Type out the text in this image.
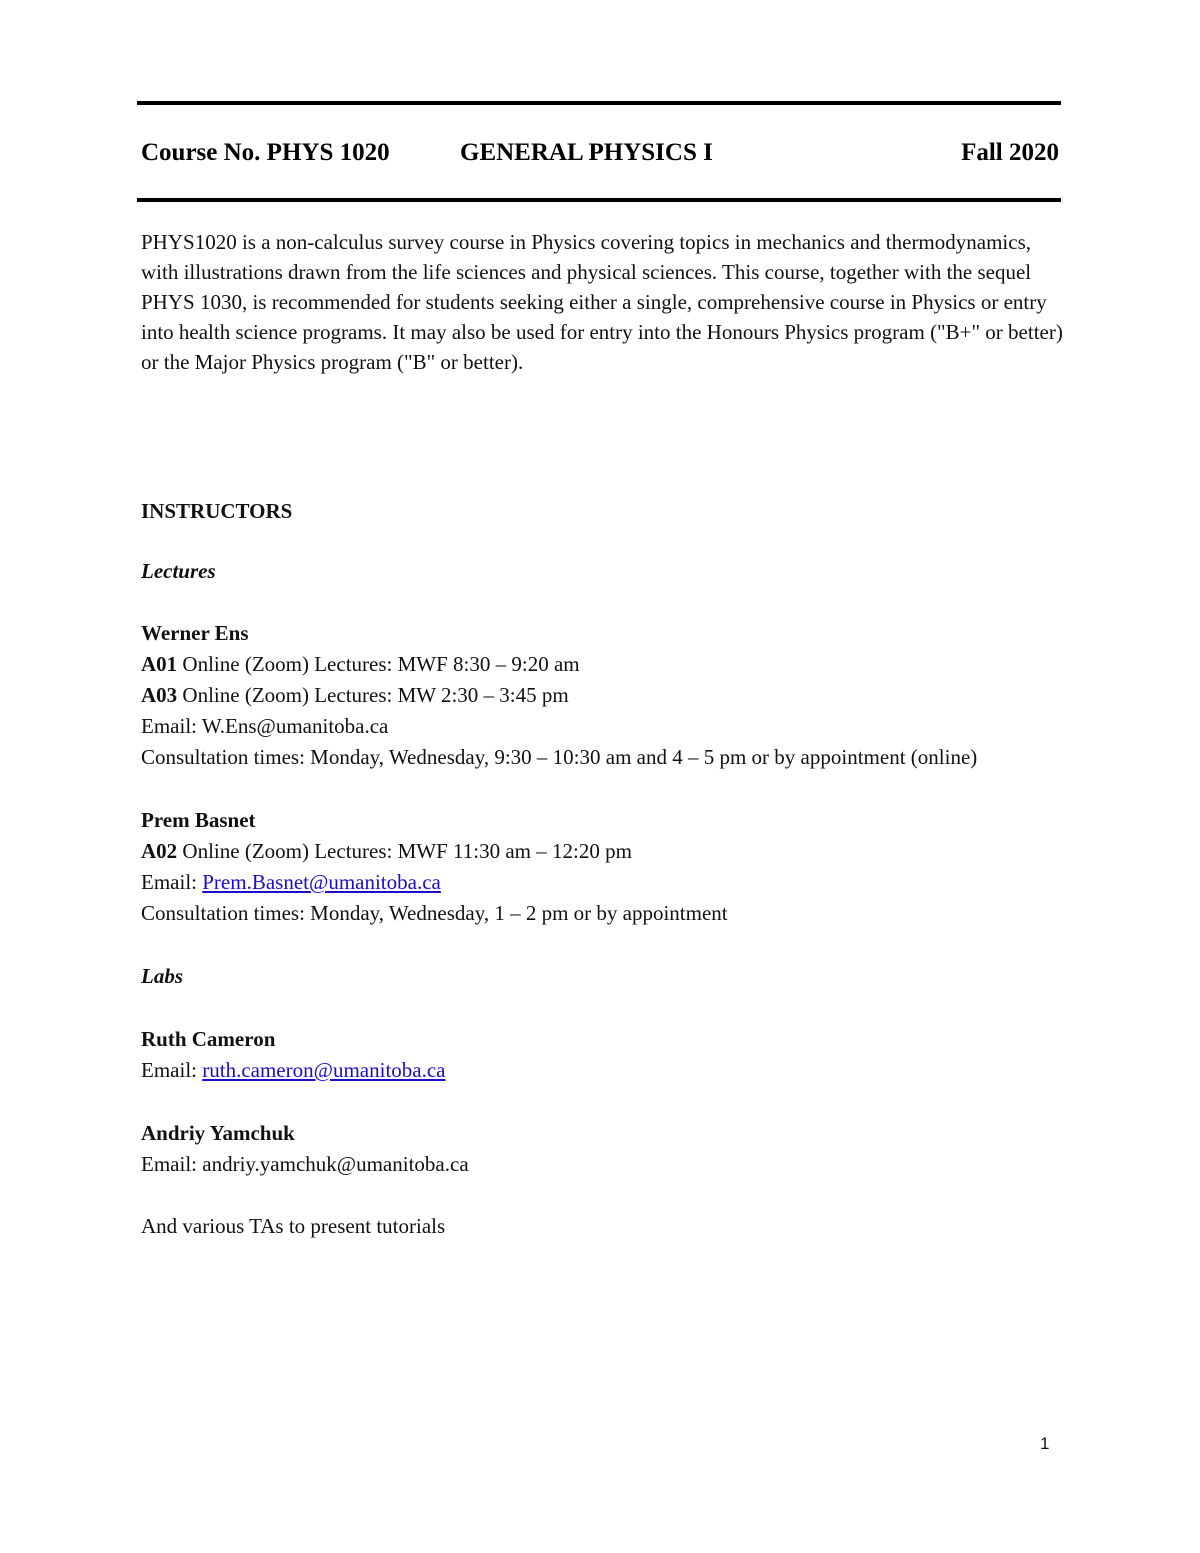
Course No. PHYS 1020	GENERAL PHYSICS I	Fall 2020

PHYS1020 is a non-calculus survey course in Physics covering topics in mechanics and thermodynamics, with illustrations drawn from the life sciences and physical sciences. This course, together with the sequel PHYS 1030, is recommended for students seeking either a single, comprehensive course in Physics or entry into health science programs. It may also be used for entry into the Honours Physics program ("B+" or better) or the Major Physics program ("B" or better).

INSTRUCTORS
Lectures
Werner Ens
A01 Online (Zoom) Lectures: MWF 8:30 – 9:20 am
A03 Online (Zoom) Lectures: MW 2:30 – 3:45 pm
Email: W.Ens@umanitoba.ca
Consultation times: Monday, Wednesday, 9:30 – 10:30 am and 4 – 5 pm or by appointment (online)
Prem Basnet
A02 Online (Zoom) Lectures: MWF 11:30 am – 12:20 pm
Email: Prem.Basnet@umanitoba.ca
Consultation times: Monday, Wednesday, 1 – 2 pm or by appointment
Labs
Ruth Cameron
Email: ruth.cameron@umanitoba.ca
Andriy Yamchuk
Email: andriy.yamchuk@umanitoba.ca
And various TAs to present tutorials
1
